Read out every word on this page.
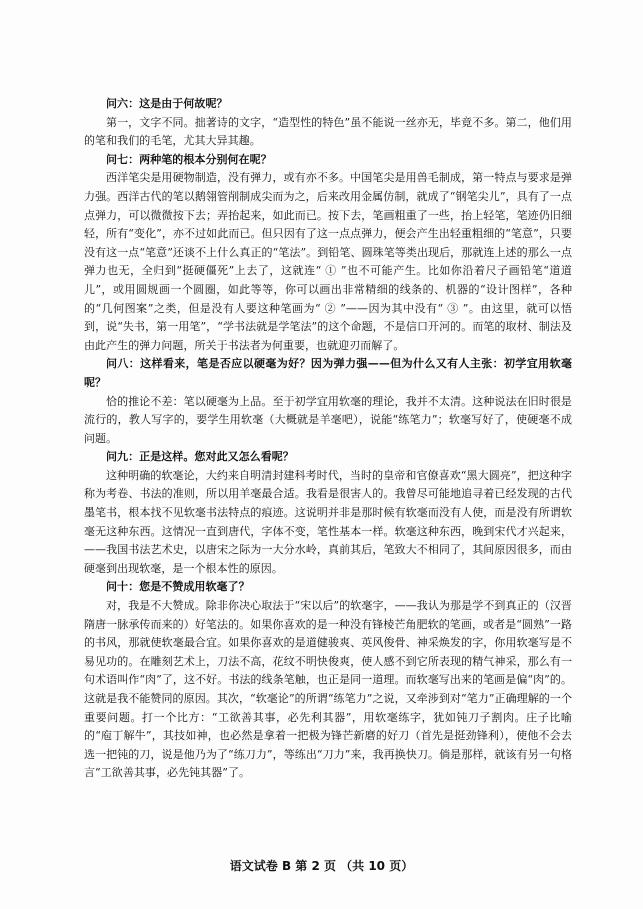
问六：这是由于何故呢？

第一，文字不同。拙著诗的文字，“造型性的特色”虽不能说一丝亦无，毕竟不多。第二，他们用的笔和我们的毛笔，尤其大异其趣。

问七：两种笔的根本分别何在呢？

西洋笔尖是用硬物制造，没有弹力，或有亦不多。中国笔尖是用兽毛制成，第一特点与要求是弹力强。西洋古代的笔以鹅翎管削制成尖而为之，后来改用金属仿制，就成了“钢笔尖儿”，具有了一点点弹力，可以微微按下去；弄抬起来，如此而已。按下去，笔画粗重了一些，抬上轻笔，笔迹仍旧细轻，所有“变化”，亦不过如此而已。但只因有了这一点点弹力，便会产生出轻重粗细的“笔意”，只要没有这一点“笔意”还谈不上什么真正的“笔法”。到铅笔、圆珠笔等类出现后，那就连上述的那么一点弹力也无，全归到“挺硬僵死”上去了，这就连“ ① ”也不可能产生。比如你沿着尺子画铅笔“道道儿”，或用圆规画一个圆圈，如此等等，你可以画出非常精细的线条的、机器的“设计图样”，各种的“几何图案”之类，但是没有人要这种笔画为“ ② ”——因为其中没有“ ③ ”。由这里，就可以悟到，说“失书，第一用笔”，“学书法就是学笔法”的这个命题，不是信口开河的。而笔的取材、制法及由此产生的弹力问题，所关于书法者为何重要，也就迎刃而解了。

问八：这样看来，笔是否应以硬毫为好？因为弹力强——但为什么又有人主张：初学宜用软毫呢？

恰的推论不差：笔以硬毫为上品。至于初学宜用软毫的理论，我并不太清。这种说法在旧时很是流行的，教人写字的，要学生用软毫（大概就是羊毫吧），说能“练笔力”；软毫写好了，使硬毫不成问题。

问九：正是这样。您对此又怎么看呢？

这种明确的软毫论，大约来自明清封建科考时代，当时的皇帝和官僚喜欢“黑大圆亮”，把这种字称为考卷、书法的准则，所以用羊毫最合适。我看是很害人的。我曾尽可能地追寻着已经发现的古代墨笔书，根本找不见软毫书法特点的痕迹。这说明并非是那时候有软毫而没有人使，而是没有所谓软毫无这种东西。这情况一直到唐代，字体不变，笔性基本一样。软毫这种东西，晚到宋代才兴起来，——我国书法艺术史，以唐宋之际为一大分水岭，真前其后，笔致大不相同了，其间原因很多，而由硬毫到出现软毫，是一个根本性的原因。

问十：您是不赞成用软毫了？

对，我是不大赞成。除非你决心取法于“宋以后”的软毫字，——我认为那是学不到真正的（汉晋隋唐一脉承传而来的）好笔法的。如果你喜欢的是一种没有锋棱芒角肥软的笔画，或者是“圆熟”一路的书风，那就使软毫最合宜。如果你喜欢的是道健骏爽、英风俊骨、神采焕发的字，你用软毫写是不易见功的。在雕刻艺术上，刀法不高，花纹不明快俊爽，使人感不到它所表现的精气神采，那么有一句术语叫作“肉”了，这不好。书法的线条笔触，也正是同一道理。而软毫写出来的笔画是偏“肉”的。这就是我不能赞同的原因。其次，“软毫论”的所谓“练笔力”之说，又牵涉到对“笔力”正确理解的一个重要问题。打一个比方：“工欲善其事，必先利其器”，用软毫练字，犹如钝刀子割肉。庄子比喻的“庖丁解牛”，其技如神，也必然是拿着一把极为锋芒新磨的好刀（首先是挺劲锋利），使他不会去选一把钝的刀，说是他乃为了“练刀力”，等练出“刀力”来，我再换快刀。倘是那样，就该有另一句格言“工欲善其事，必先钝其器”了。

语文试卷 B 第 2 页 （共 10 页）
